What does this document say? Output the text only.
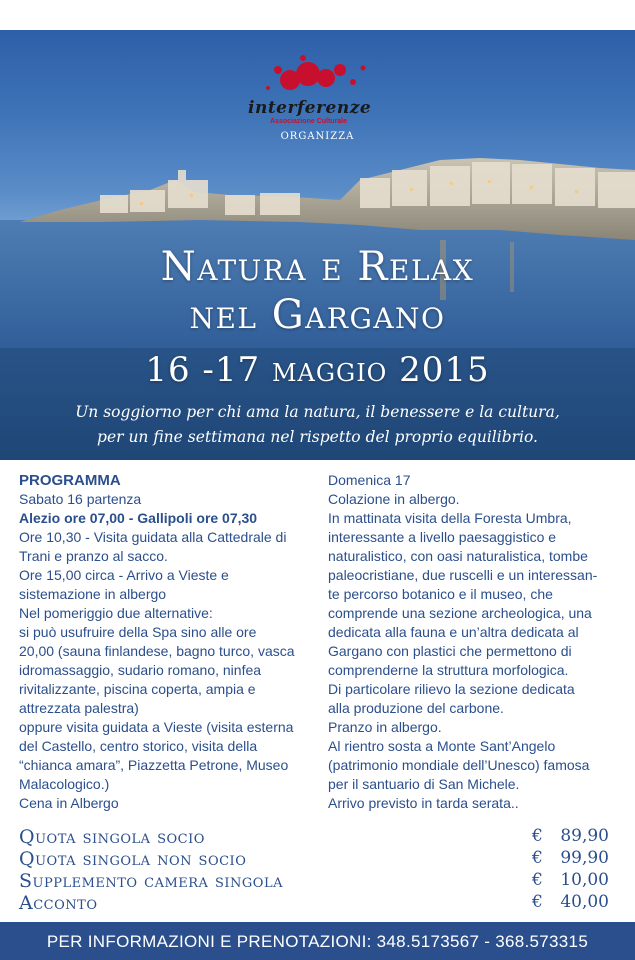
interferenze
Associazione Culturale
ORGANIZZA
Natura e Relax
nel Gargano
16 -17 maggio 2015
Un soggiorno per chi ama la natura, il benessere e la cultura,
per un fine settimana nel rispetto del proprio equilibrio.
PROGRAMMA
Sabato 16 partenza
Alezio ore 07,00 - Gallipoli ore 07,30
Ore 10,30 - Visita guidata alla Cattedrale di
Trani e pranzo al sacco.
Ore 15,00 circa - Arrivo a Vieste e
sistemazione in albergo
Nel pomeriggio due alternative:
si può usufruire della Spa sino alle ore
20,00 (sauna finlandese, bagno turco, vasca
idromassaggio, sudario romano, ninfea
rivitalizzante, piscina coperta, ampia e
attrezzata palestra)
oppure visita guidata a Vieste (visita esterna
del Castello, centro storico, visita della
“chianca amara”, Piazzetta Petrone, Museo
Malacologico.)
Cena in Albergo
Domenica 17
Colazione in albergo.
In mattinata visita della Foresta Umbra,
interessante a livello paesaggistico e
naturalistico, con oasi naturalistica, tombe
paleocristiane, due ruscelli e un interessan-
te percorso botanico e il museo, che
comprende una sezione archeologica, una
dedicata alla fauna e un’altra dedicata al
Gargano con plastici che permettono di
comprenderne la struttura morfologica.
Di particolare rilievo la sezione dedicata
alla produzione del carbone.
Pranzo in albergo.
Al rientro sosta a Monte Sant’Angelo
(patrimonio mondiale dell’Unesco) famosa
per il santuario di San Michele.
Arrivo previsto in tarda serata..
Quota singola socio	€ 89,90
Quota singola non socio	€ 99,90
Supplemento camera singola	€ 10,00
Acconto	€ 40,00
PER INFORMAZIONI E PRENOTAZIONI: 348.5173567 - 368.573315
